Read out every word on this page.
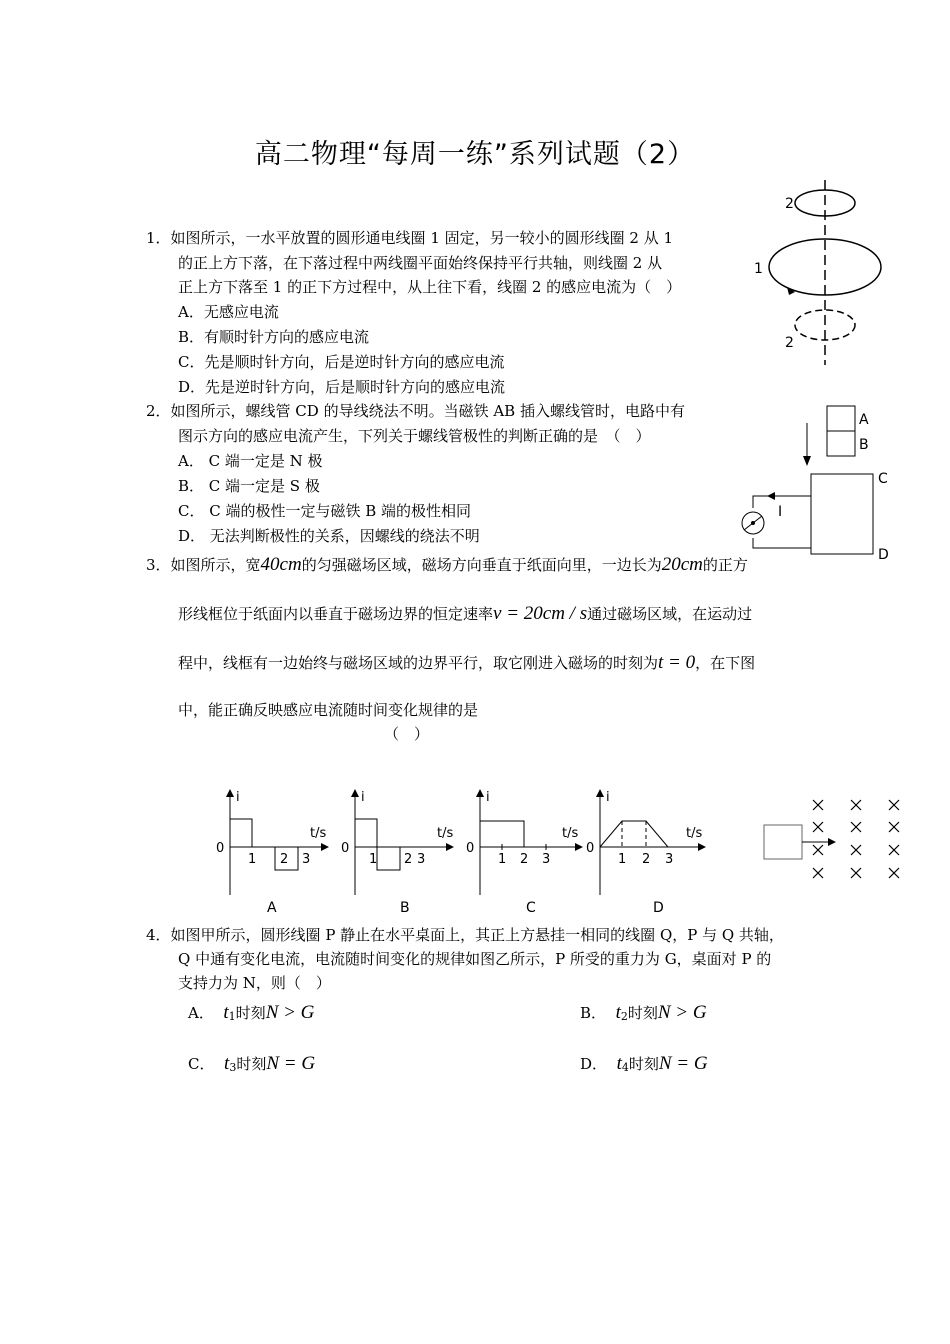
高二物理“每周一练”系列试题（2）
1．如图所示，一水平放置的圆形通电线圈 1 固定，另一较小的圆形线圈 2 从 1
的正上方下落，在下落过程中两线圈平面始终保持平行共轴，则线圈 2 从
正上方下落至 1 的正下方过程中，从上往下看，线圈 2 的感应电流为（　）
A．无感应电流
B．有顺时针方向的感应电流
C．先是顺时针方向，后是逆时针方向的感应电流
D．先是逆时针方向，后是顺时针方向的感应电流
2
1
2
2．如图所示，螺线管 CD 的导线绕法不明。当磁铁 AB 插入螺线管时，电路中有
图示方向的感应电流产生，下列关于螺线管极性的判断正确的是　（　）
A． C 端一定是 N 极
B． C 端一定是 S 极
C． C 端的极性一定与磁铁 B 端的极性相同
D． 无法判断极性的关系，因螺线的绕法不明
A
B
C
D
I
3．如图所示，宽40cm的匀强磁场区域，磁场方向垂直于纸面向里，一边长为20cm的正方
形线框位于纸面内以垂直于磁场边界的恒定速率v = 20cm / s通过磁场区域，在运动过
程中，线框有一边始终与磁场区域的边界平行，取它刚进入磁场的时刻为t = 0，在下图
中，能正确反映感应电流随时间变化规律的是
（　）
i
t/s
0
1 2 3
A
i
t/s
0
1 2 3
B
i
t/s
0
1 2 3
C
i
t/s
0
1 2 3
D
4．如图甲所示，圆形线圈 P 静止在水平桌面上，其正上方悬挂一相同的线圈 Q，P 与 Q 共轴，
Q 中通有变化电流，电流随时间变化的规律如图乙所示，P 所受的重力为 G，桌面对 P 的
支持力为 N，则（　）
A． t1时刻N > G	B． t2时刻N > G
C． t3时刻N = G	D． t4时刻N = G
